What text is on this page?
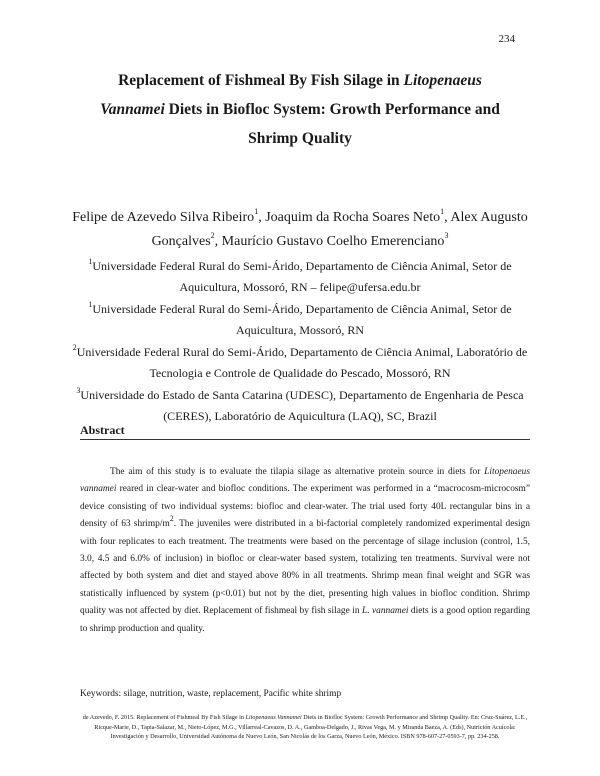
234
Replacement of Fishmeal By Fish Silage in Litopenaeus
Vannamei Diets in Biofloc System: Growth Performance and
Shrimp Quality
Felipe de Azevedo Silva Ribeiro$^1$, Joaquim da Rocha Soares Neto$^1$, Alex Augusto Gonçalves$^2$, Maurício Gustavo Coelho Emerenciano$^3$
$^1$Universidade Federal Rural do Semi-Árido, Departamento de Ciência Animal, Setor de Aquicultura, Mossoró, RN – felipe@ufersa.edu.br
$^1$Universidade Federal Rural do Semi-Árido, Departamento de Ciência Animal, Setor de Aquicultura, Mossoró, RN
$^2$Universidade Federal Rural do Semi-Árido, Departamento de Ciência Animal, Laboratório de Tecnologia e Controle de Qualidade do Pescado, Mossoró, RN
$^3$Universidade do Estado de Santa Catarina (UDESC), Departamento de Engenharia de Pesca (CERES), Laboratório de Aquicultura (LAQ), SC, Brazil
Abstract

The aim of this study is to evaluate the tilapia silage as alternative protein source in diets for Litopenaeus vannamei reared in clear-water and biofloc conditions. The experiment was performed in a “macrocosm-microcosm” device consisting of two individual systems: biofloc and clear-water. The trial used forty 40L rectangular bins in a density of 63 shrimp/$m^2$. The juveniles were distributed in a bi-factorial completely randomized experimental design with four replicates to each treatment. The treatments were based on the percentage of silage inclusion (control, 1.5, 3.0, 4.5 and 6.0% of inclusion) in biofloc or clear-water based system, totalizing ten treatments. Survival were not affected by both system and diet and stayed above 80% in all treatments. Shrimp mean final weight and SGR was statistically influenced by system (p<0.01) but not by the diet, presenting high values in biofloc condition. Shrimp quality was not affected by diet. Replacement of fishmeal by fish silage in L. vannamei diets is a good option regarding to shrimp production and quality.

Keywords: silage, nutrition, waste, replacement, Pacific white shrimp

de Azevedo, F. 2015. Replacement of Fishmeal By Fish Silage in Litopenaeus Vannamei Diets in Biofloc System: Growth Performance and Shrimp Quality. En: Cruz-Suárez, L.E., Ricque-Marie, D., Tapia-Salazar, M., Nieto-López, M.G., Villarreal-Cavazos, D. A., Gamboa-Delgado, J., Rivas Vega, M. y Miranda Baeza, A. (Eds), Nutrición Acuícola: Investigación y Desarrollo, Universidad Autónoma de Nuevo León, San Nicolás de los Garza, Nuevo León, México. ISBN 978-607-27-0593-7, pp. 234-258.
